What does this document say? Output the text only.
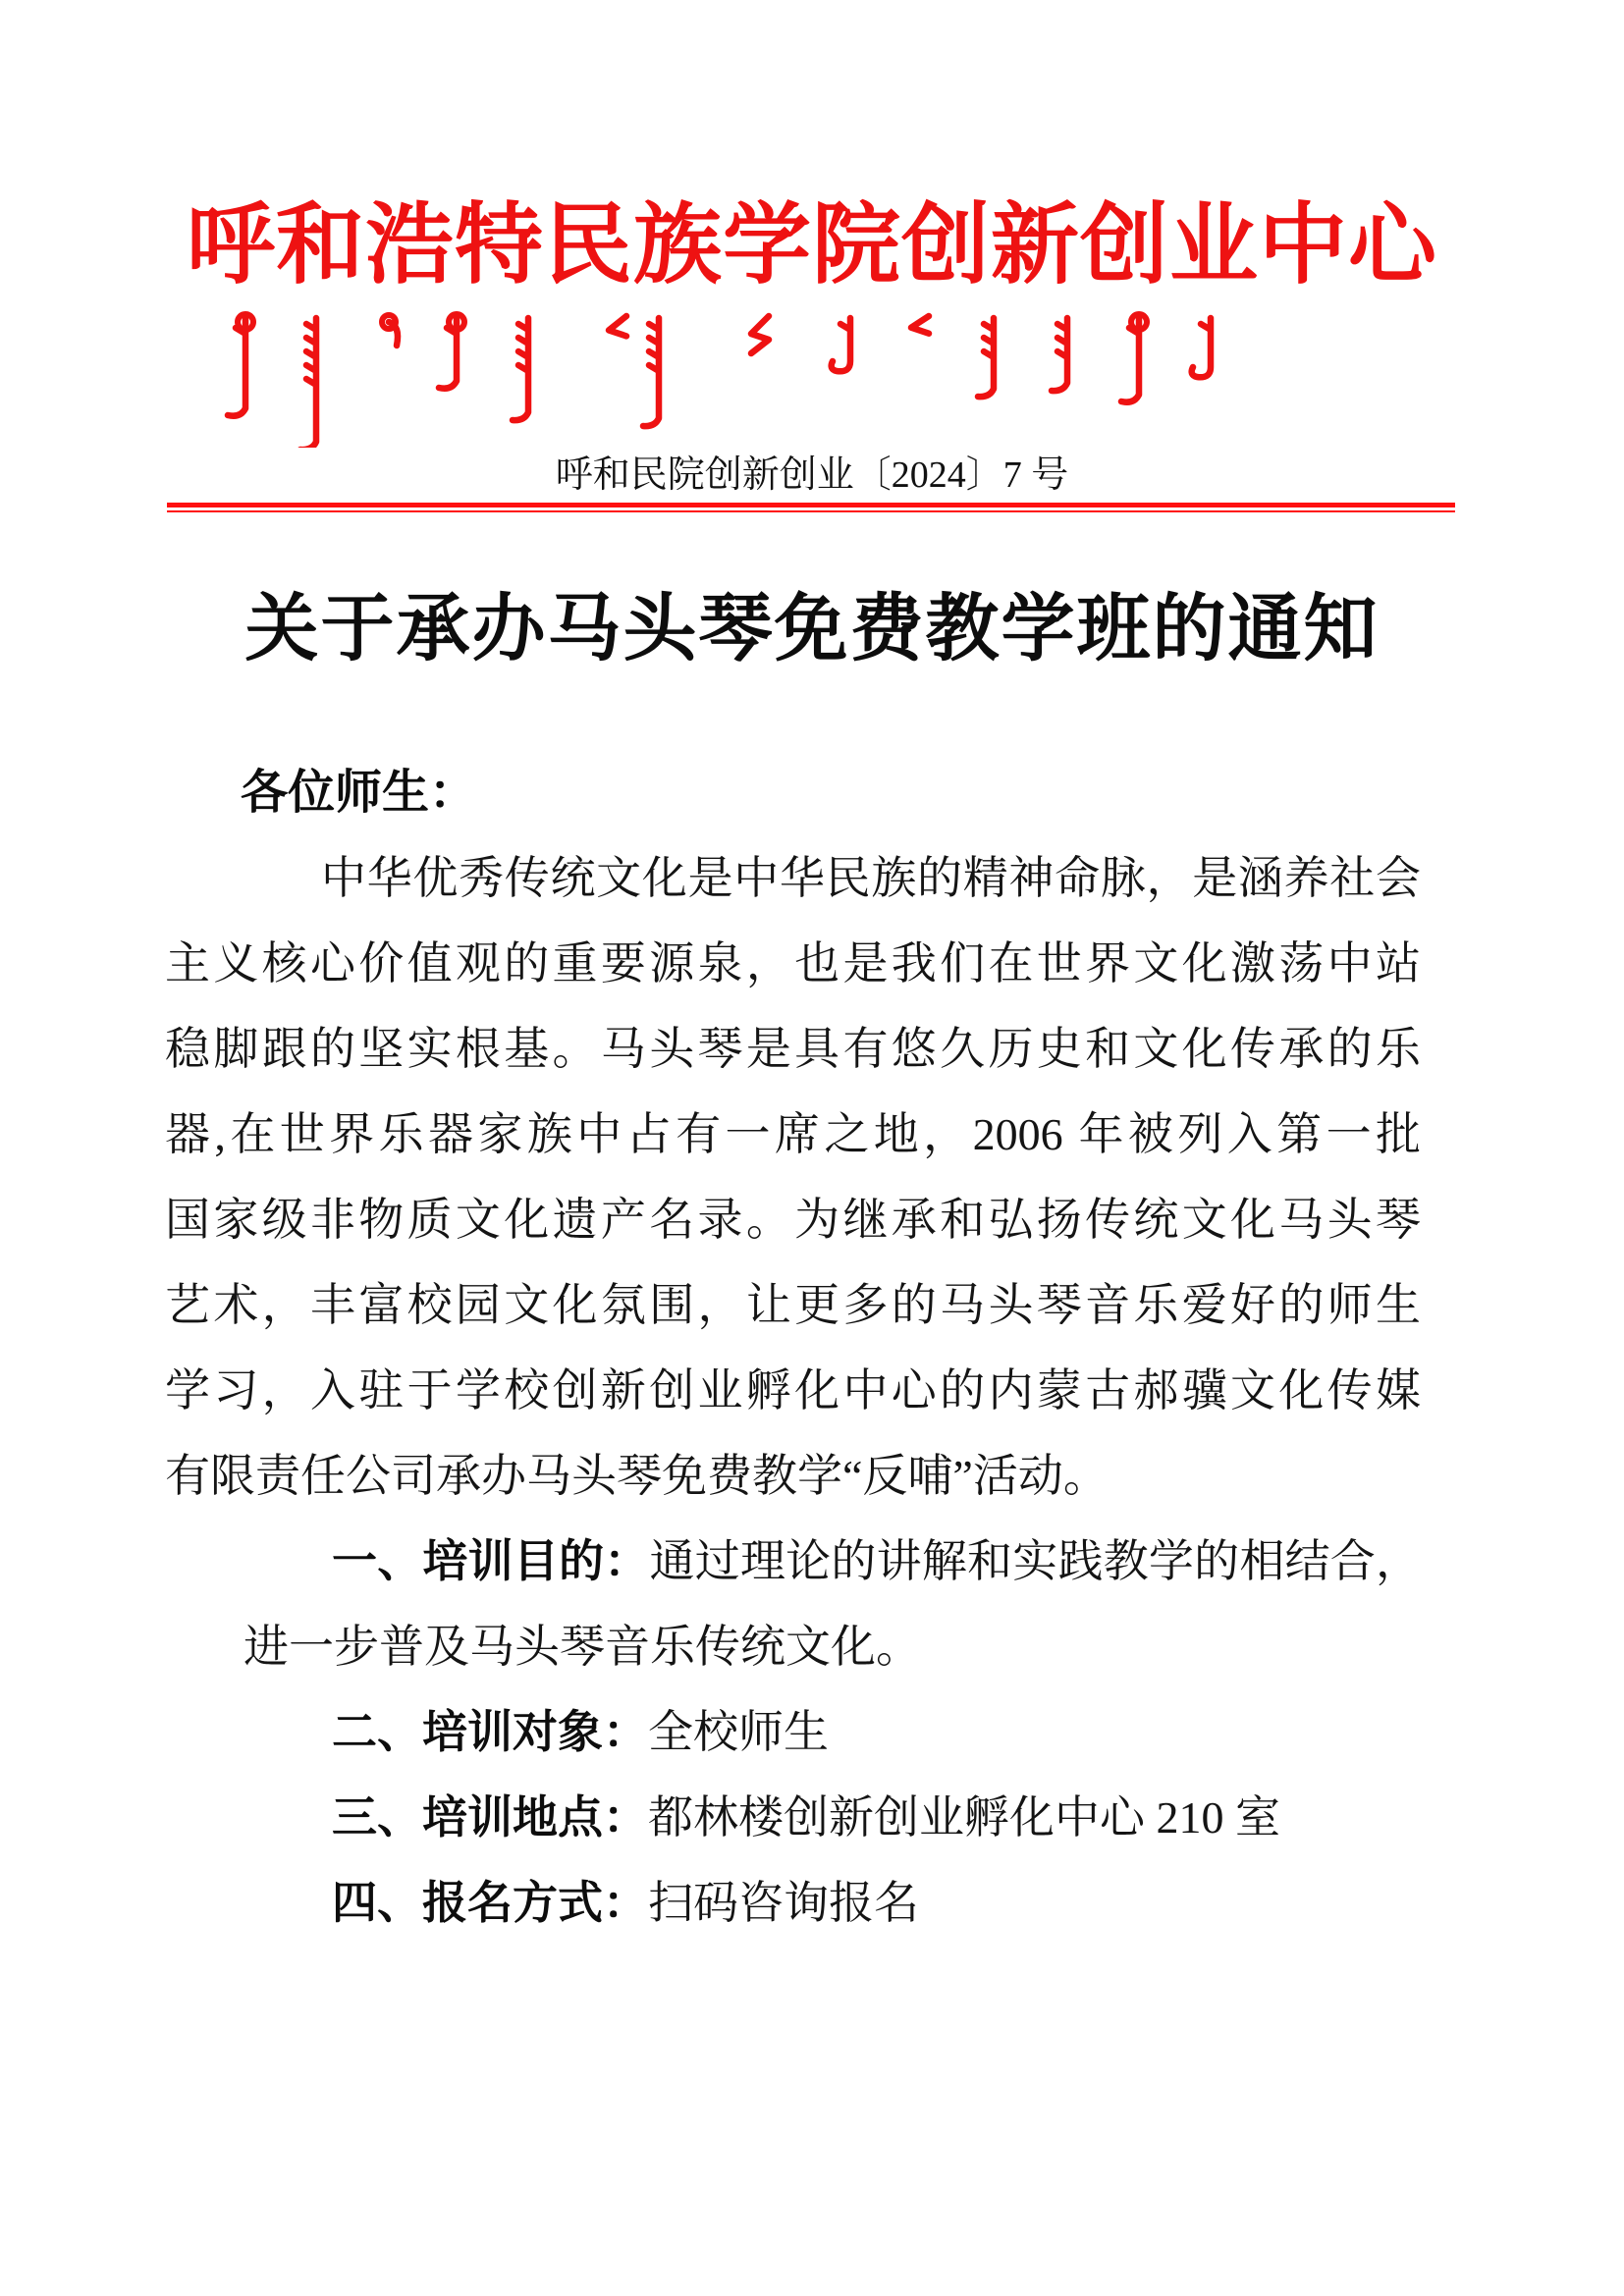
呼和浩特民族学院创新创业中心
呼和民院创新创业〔2024〕7 号
关于承办马头琴免费教学班的通知
各位师生：
中华优秀传统文化是中华民族的精神命脉，是涵养社会
主义核心价值观的重要源泉，也是我们在世界文化激荡中站
稳脚跟的坚实根基。马头琴是具有悠久历史和文化传承的乐
器,在世界乐器家族中占有一席之地，2006 年被列入第一批
国家级非物质文化遗产名录。为继承和弘扬传统文化马头琴
艺术，丰富校园文化氛围，让更多的马头琴音乐爱好的师生
学习，入驻于学校创新创业孵化中心的内蒙古郝骥文化传媒
有限责任公司承办马头琴免费教学“反哺”活动。
一、培训目的：通过理论的讲解和实践教学的相结合，
进一步普及马头琴音乐传统文化。
二、培训对象：全校师生
三、培训地点：都林楼创新创业孵化中心 210 室
四、报名方式：扫码咨询报名
